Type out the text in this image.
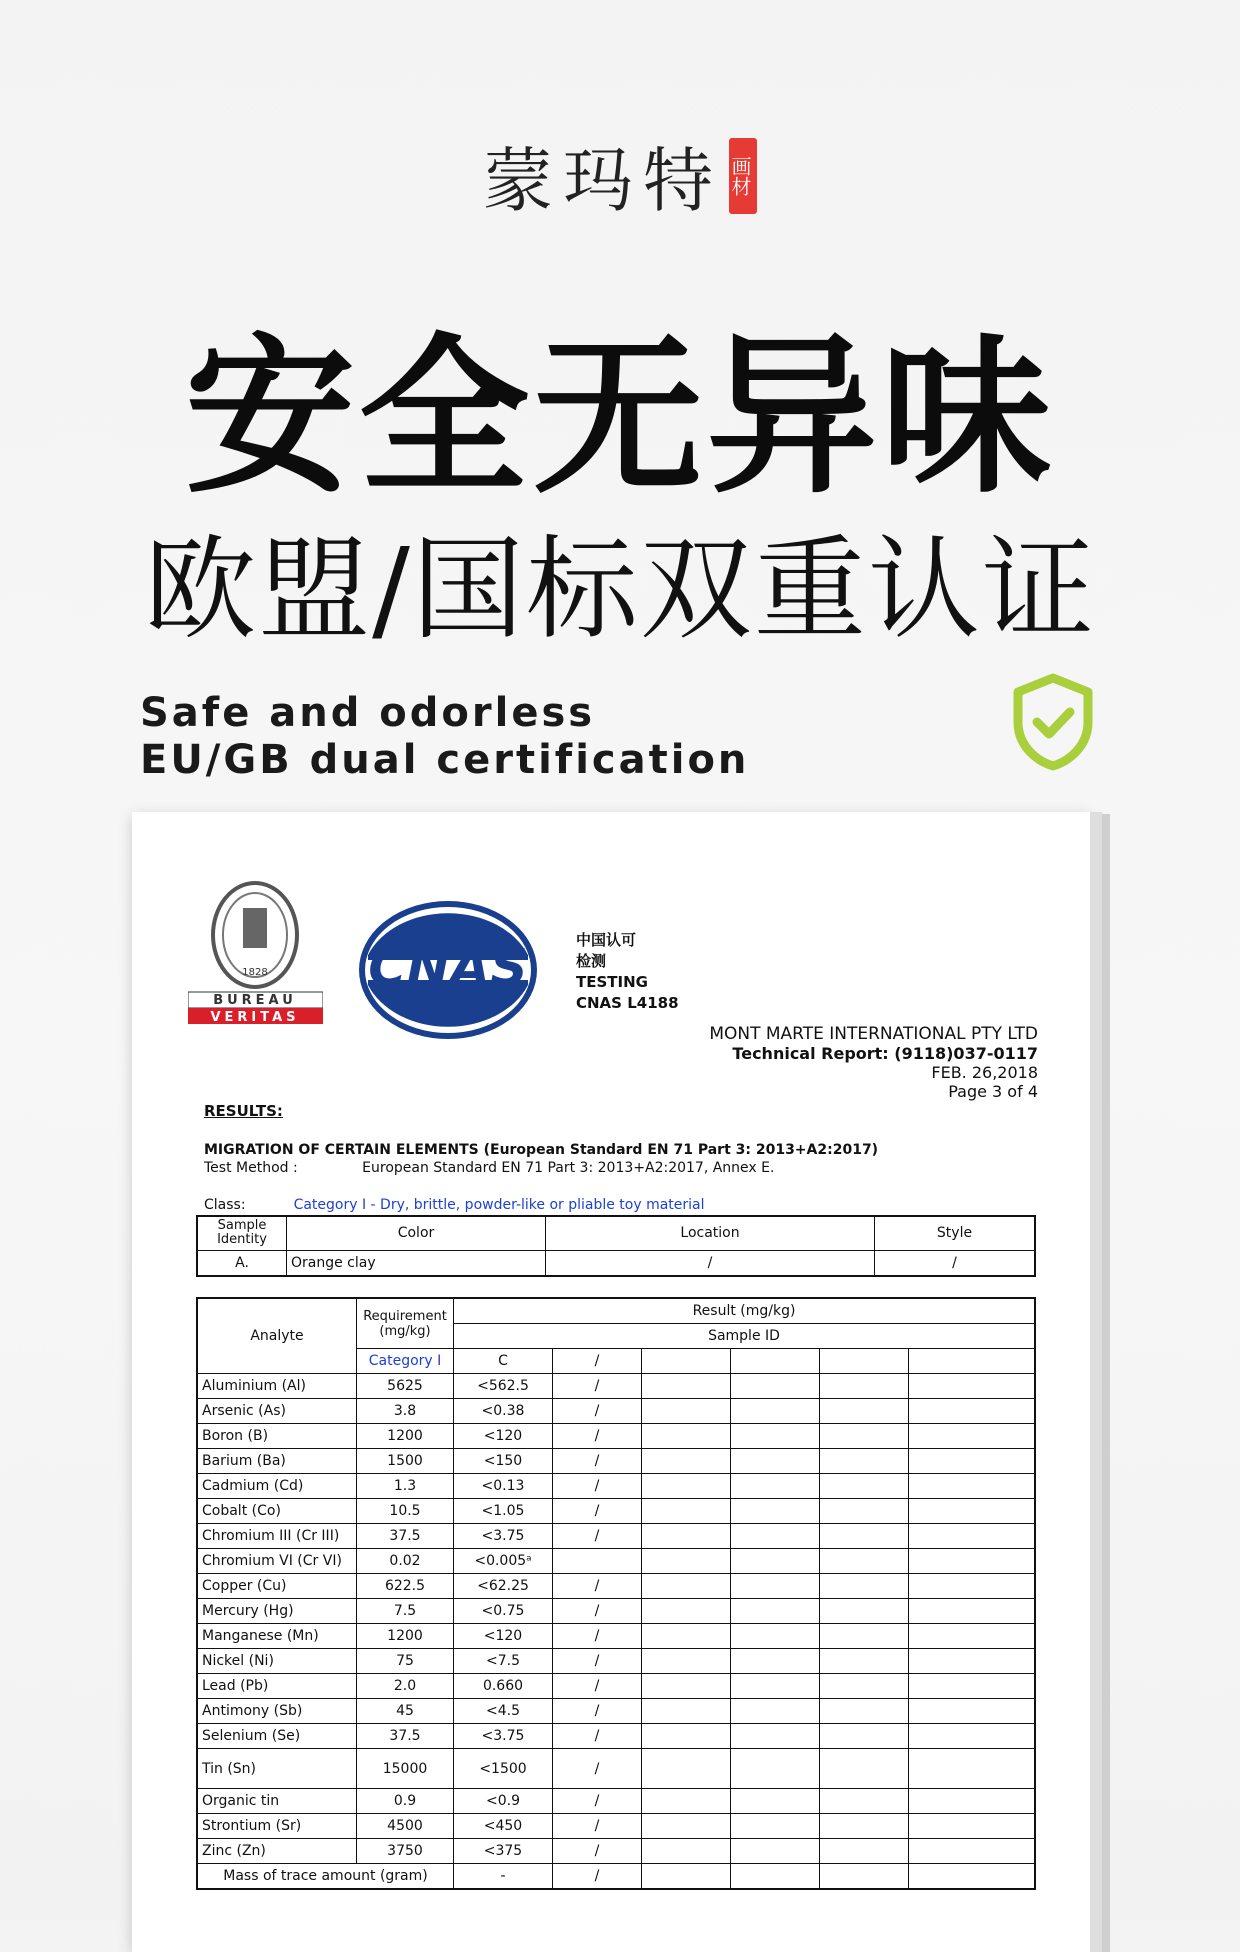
蒙玛特 画材
安全无异味
欧盟/国标双重认证
Safe and odorless
EU/GB dual certification
1828
BUREAU
VERITAS
CNAS	中国认可
检测
TESTING
CNAS L4188
MONT MARTE INTERNATIONAL PTY LTD
Technical Report: (9118)037-0117
FEB. 26,2018
Page 3 of 4
RESULTS:
MIGRATION OF CERTAIN ELEMENTS (European Standard EN 71 Part 3: 2013+A2:2017)
Test Method :	European Standard EN 71 Part 3: 2013+A2:2017, Annex E.
Class:	Category I - Dry, brittle, powder-like or pliable toy material
Sample Identity	Color	Location	Style
A.	Orange clay	/	/
Analyte	Requirement (mg/kg)	Result (mg/kg)					
		Sample ID					
	Category I	C	/				
Aluminium (Al)	5625	<562.5	/				
Arsenic (As)	3.8	<0.38	/				
Boron (B)	1200	<120	/				
Barium (Ba)	1500	<150	/				
Cadmium (Cd)	1.3	<0.13	/				
Cobalt (Co)	10.5	<1.05	/				
Chromium III (Cr III)	37.5	<3.75	/				
Chromium VI (Cr VI)	0.02	<0.005ᵃ					
Copper (Cu)	622.5	<62.25	/				
Mercury (Hg)	7.5	<0.75	/				
Manganese (Mn)	1200	<120	/				
Nickel (Ni)	75	<7.5	/				
Lead (Pb)	2.0	0.660	/				
Antimony (Sb)	45	<4.5	/				
Selenium (Se)	37.5	<3.75	/				
Tin (Sn)	15000	<1500	/				
Organic tin	0.9	<0.9	/				
Strontium (Sr)	4500	<450	/				
Zinc (Zn)	3750	<375	/				
Mass of trace amount (gram)		-	/				
